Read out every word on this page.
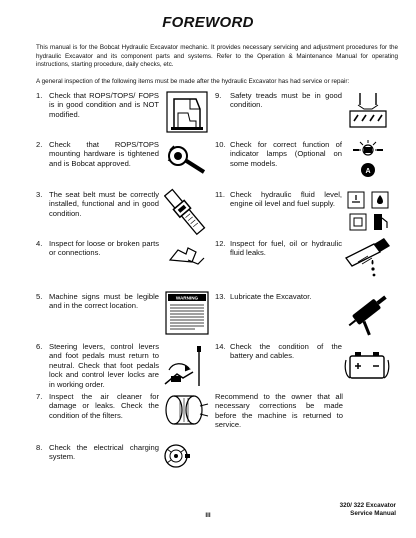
FOREWORD

This manual is for the Bobcat Hydraulic Excavator mechanic. It provides necessary servicing and adjustment procedures for the hydraulic Excavator and its component parts and systems. Refer to the Operation & Maintenance Manual for operating instructions, starting procedure, daily checks, etc.

A general inspection of the following items must be made after the hydraulic Excavator has had service or repair:

1. Check that ROPS/TOPS/ FOPS is in good condition and is NOT modified.
2. Check that ROPS/TOPS mounting hardware is tightened and is Bobcat approved.
3. The seat belt must be correctly installed, functional and in good condition.
4. Inspect for loose or broken parts or connections.
5. Machine signs must be legible and in the correct location.
6. Steering levers, control levers and foot pedals must return to neutral. Check that foot pedals lock and control lever locks are in working order.
7. Inspect the air cleaner for damage or leaks. Check the condition of the filters.
8. Check the electrical charging system.
9. Safety treads must be in good condition.
10. Check for correct function of indicator lamps (Optional on some models.
11. Check hydraulic fluid level, engine oil level and fuel supply.
12. Inspect for fuel, oil or hydraulic fluid leaks.
13. Lubricate the Excavator.
14. Check the condition of the battery and cables.
Recommend to the owner that all necessary corrections be made before the machine is returned to service.
WARNING
A
320/ 322 Excavator
Service Manual
III
